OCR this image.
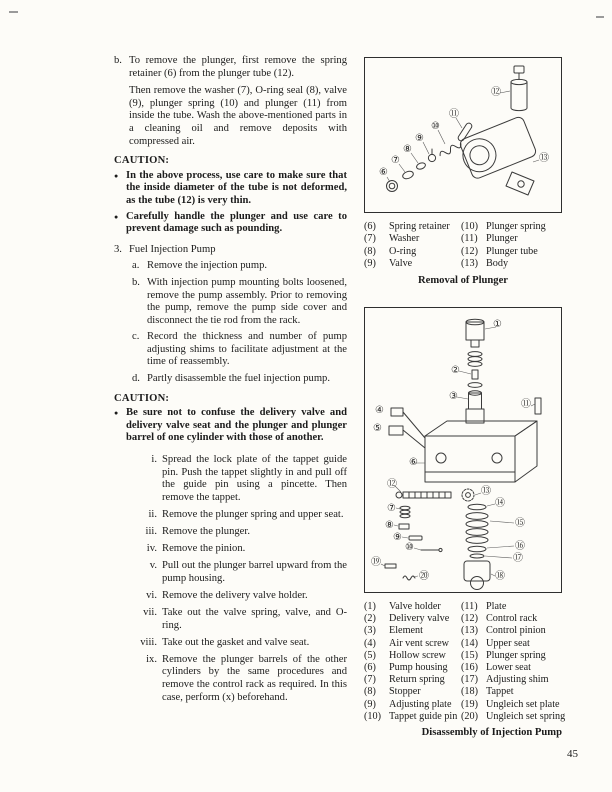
b. To remove the plunger, first remove the spring retainer (6) from the plunger tube (12).

Then remove the washer (7), O-ring seal (8), valve (9), plunger spring (10) and plunger (11) from inside the tube. Wash the above-mentioned parts in a cleaning oil and remove deposits with compressed air.

CAUTION:
● In the above process, use care to make sure that the inside diameter of the tube is not deformed, as the tube (12) is very thin.

● Carefully handle the plunger and use care to prevent damage such as pounding.

3. Fuel Injection Pump
a. Remove the injection pump.

b. With injection pump mounting bolts loosened, remove the pump assembly. Prior to removing the pump, remove the pump side cover and disconnect the tie rod from the rack.

c. Record the thickness and number of pump adjusting shims to facilitate adjustment at the time of reassembly.

d. Partly disassemble the fuel injection pump.

CAUTION:
● Be sure not to confuse the delivery valve and delivery valve seat and the plunger and plunger barrel of one cylinder with those of another.

i. Spread the lock plate of the tappet guide pin. Push the tappet slightly in and pull off the guide pin using a pincette. Then remove the tappet.

ii. Remove the plunger spring and upper seat.

iii. Remove the plunger.

iv. Remove the pinion.

v. Pull out the plunger barrel upward from the pump housing.

vi. Remove the delivery valve holder.

vii. Take out the valve spring, valve, and O-ring.

viii. Take out the gasket and valve seat.

ix. Remove the plunger barrels of the other cylinders by the same procedures and remove the control rack as required. In this case, perform (x) beforehand.

⑥
⑦
⑧
⑨
⑩
⑪
⑫
⑬
(6)	Spring retainer
(7)	Washer
(8)	O-ring
(9)	Valve
(10) Plunger spring
(11) Plunger
(12) Plunger tube
(13) Body
Removal of Plunger
①
②
③
④
⑤
⑥
⑦
⑧
⑨
⑩
⑪
⑫
⑬
⑭
⑮
⑯
⑰
⑱
⑲
⑳
(1)	Valve holder
(2)	Delivery valve
(3)	Element
(4)	Air vent screw
(5)	Hollow screw
(6)	Pump housing
(7)	Return spring
(8)	Stopper
(9)	Adjusting plate
(10) Tappet guide pin
(11) Plate
(12) Control rack
(13) Control pinion
(14) Upper seat
(15) Plunger spring
(16) Lower seat
(17) Adjusting shim
(18) Tappet
(19) Ungleich set plate
(20) Ungleich set spring
Disassembly of Injection Pump
45
